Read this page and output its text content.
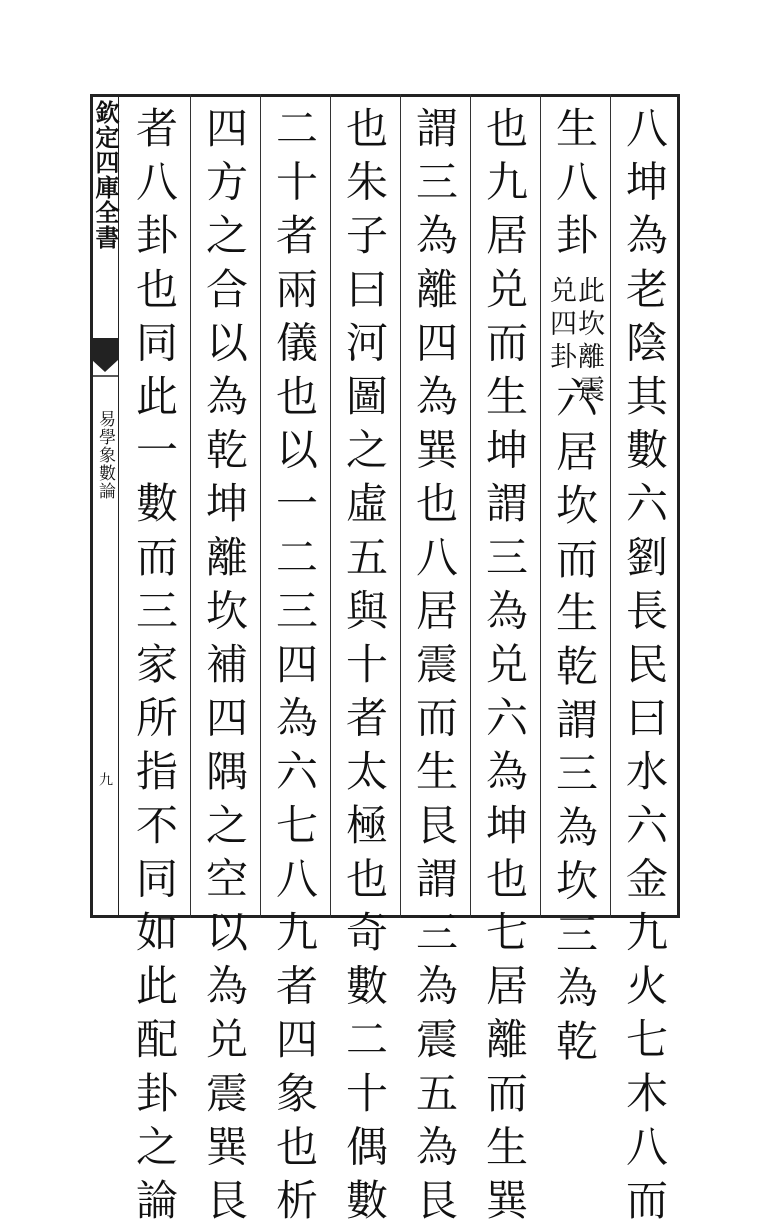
欽定四庫全書
易學象數論
九	八坤為老陰其數六劉長民曰水六金九火七木八而
生八卦
此坎離震
兑四卦
六居坎而生乾謂三為坎三為乾
也九居兑而生坤謂三為兑六為坤也七居離而生巽
謂三為離四為巽也八居震而生艮謂三為震五為艮
也朱子曰河圖之虛五與十者太極也奇數二十偶數
二十者兩儀也以一二三四為六七八九者四象也析
四方之合以為乾坤離坎補四隅之空以為兑震巽艮
者八卦也同此一數而三家所指不同如此配卦之論
